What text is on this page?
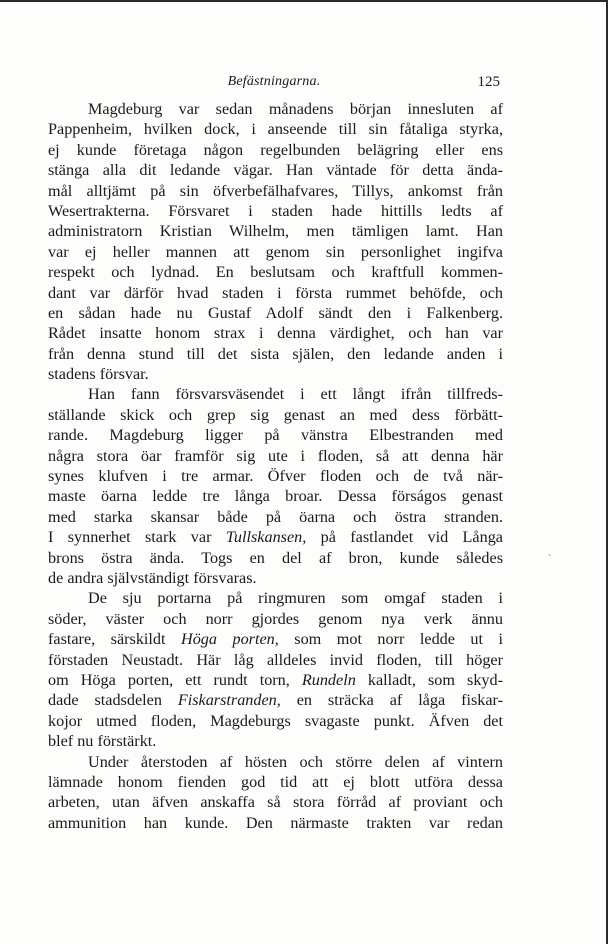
Befästningarna.	125
Magdeburg var sedan månadens början innesluten af
Pappenheim, hvilken dock, i anseende till sin fåtaliga styrka,
ej kunde företaga någon regelbunden belägring eller ens
stänga alla dit ledande vägar. Han väntade för detta ända-
mål alltjämt på sin öfverbefälhafvares, Tillys, ankomst från
Wesertrakterna. Försvaret i staden hade hittills ledts af
administratorn Kristian Wilhelm, men tämligen lamt. Han
var ej heller mannen att genom sin personlighet ingifva
respekt och lydnad. En beslutsam och kraftfull kommen-
dant var därför hvad staden i första rummet behöfde, och
en sådan hade nu Gustaf Adolf sändt den i Falkenberg.
Rådet insatte honom strax i denna värdighet, och han var
från denna stund till det sista själen, den ledande anden i
stadens försvar.
Han fann försvarsväsendet i ett långt ifrån tillfreds-
ställande skick och grep sig genast an med dess förbätt-
rande. Magdeburg ligger på vänstra Elbestranden med
några stora öar framför sig ute i floden, så att denna här
synes klufven i tre armar. Öfver floden och de två när-
maste öarna ledde tre långa broar. Dessa förságos genast
med starka skansar både på öarna och östra stranden.
I synnerhet stark var Tullskansen, på fastlandet vid Långa
brons östra ända. Togs en del af bron, kunde således
de andra självständigt försvaras.
De sju portarna på ringmuren som omgaf staden i
söder, väster och norr gjordes genom nya verk ännu
fastare, särskildt Höga porten, som mot norr ledde ut i
förstaden Neustadt. Här låg alldeles invid floden, till höger
om Höga porten, ett rundt torn, Rundeln kalladt, som skyd-
dade stadsdelen Fiskarstranden, en sträcka af låga fiskar-
kojor utmed floden, Magdeburgs svagaste punkt. Äfven det
blef nu förstärkt.
Under återstoden af hösten och större delen af vintern
lämnade honom fienden god tid att ej blott utföra dessa
arbeten, utan äfven anskaffa så stora förråd af proviant och
ammunition han kunde. Den närmaste trakten var redan
`
